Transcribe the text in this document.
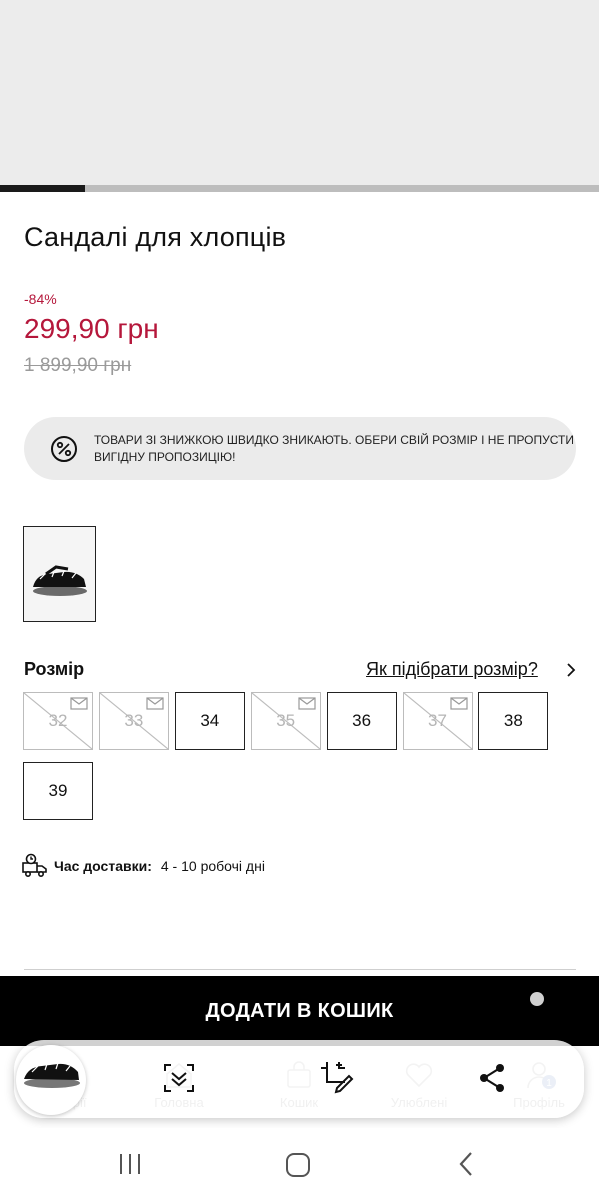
Сандалі для хлопців
-84%
299,90 грн
1 899,90 грн
ТОВАРИ ЗІ ЗНИЖКОЮ ШВИДКО ЗНИКАЮТЬ. ОБЕРИ СВІЙ РОЗМІР І НЕ ПРОПУСТИ ВИГІДНУ ПРОПОЗИЦІЮ!
Розмір	Як підібрати розмір?
32	33	34	35	36	37	38
39
Час доставки: 4 - 10 робочі дні
ДОДАТИ В КОШИК
